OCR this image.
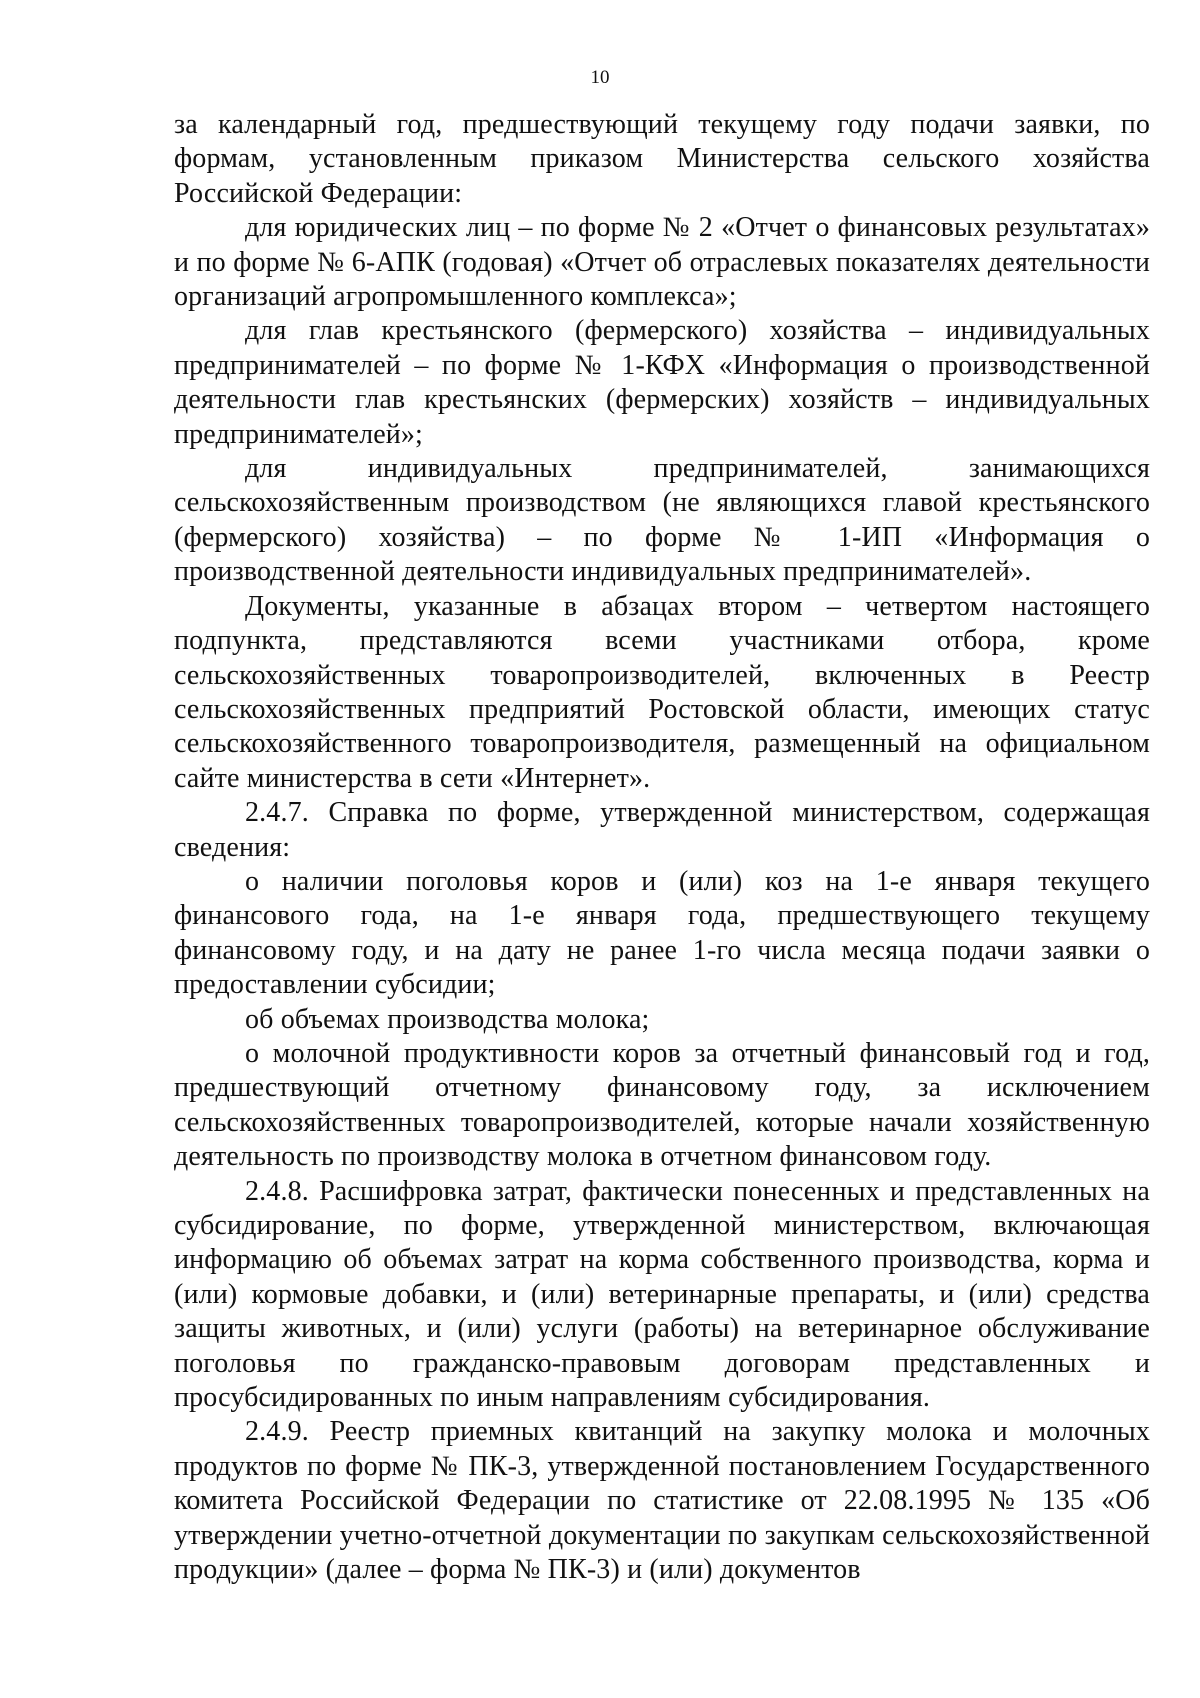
10

за календарный год, предшествующий текущему году подачи заявки, по формам, установленным приказом Министерства сельского хозяйства Российской Федерации:

для юридических лиц – по форме № 2 «Отчет о финансовых результатах» и по форме № 6-АПК (годовая) «Отчет об отраслевых показателях деятельности организаций агропромышленного комплекса»;

для глав крестьянского (фермерского) хозяйства – индивидуальных предпринимателей – по форме № 1-КФХ «Информация о производственной деятельности глав крестьянских (фермерских) хозяйств – индивидуальных предпринимателей»;

для индивидуальных предпринимателей, занимающихся сельскохозяйственным производством (не являющихся главой крестьянского (фермерского) хозяйства) – по форме № 1-ИП «Информация о производственной деятельности индивидуальных предпринимателей».

Документы, указанные в абзацах втором – четвертом настоящего подпункта, представляются всеми участниками отбора, кроме сельскохозяйственных товаропроизводителей, включенных в Реестр сельскохозяйственных предприятий Ростовской области, имеющих статус сельскохозяйственного товаропроизводителя, размещенный на официальном сайте министерства в сети «Интернет».

2.4.7. Справка по форме, утвержденной министерством, содержащая сведения:

о наличии поголовья коров и (или) коз на 1-е января текущего финансового года, на 1-е января года, предшествующего текущему финансовому году, и на дату не ранее 1-го числа месяца подачи заявки о предоставлении субсидии;

об объемах производства молока;

о молочной продуктивности коров за отчетный финансовый год и год, предшествующий отчетному финансовому году, за исключением сельскохозяйственных товаропроизводителей, которые начали хозяйственную деятельность по производству молока в отчетном финансовом году.

2.4.8. Расшифровка затрат, фактически понесенных и представленных на субсидирование, по форме, утвержденной министерством, включающая информацию об объемах затрат на корма собственного производства, корма и (или) кормовые добавки, и (или) ветеринарные препараты, и (или) средства защиты животных, и (или) услуги (работы) на ветеринарное обслуживание поголовья по гражданско-правовым договорам представленных и просубсидированных по иным направлениям субсидирования.

2.4.9. Реестр приемных квитанций на закупку молока и молочных продуктов по форме № ПК-3, утвержденной постановлением Государственного комитета Российской Федерации по статистике от 22.08.1995 № 135 «Об утверждении учетно-отчетной документации по закупкам сельскохозяйственной продукции» (далее – форма № ПК-3) и (или) документов
